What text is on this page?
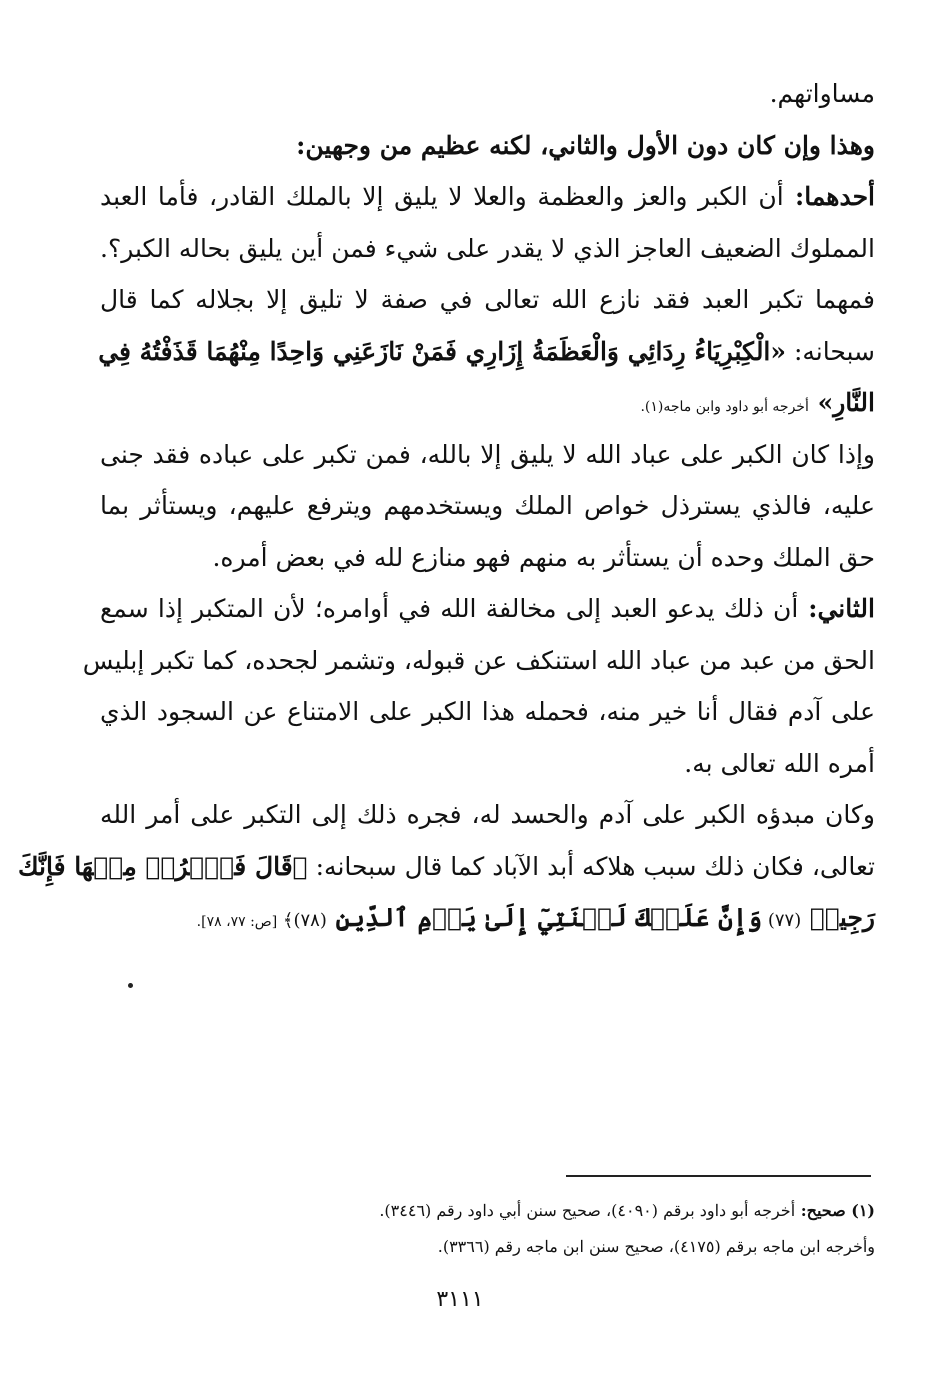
مساواتهم.
وهذا وإن كان دون الأول والثاني، لكنه عظيم من وجهين:
أحدهما: أن الكبر والعز والعظمة والعلا لا يليق إلا بالملك القادر، فأما العبد
المملوك الضعيف العاجز الذي لا يقدر على شيء فمن أين يليق بحاله الكبر؟.
فمهما تكبر العبد فقد نازع الله تعالى في صفة لا تليق إلا بجلاله كما قال
سبحانه: «الْكِبْرِيَاءُ رِدَائِي وَالْعَظَمَةُ إِزَارِي فَمَنْ نَازَعَنِي وَاحِدًا مِنْهُمَا قَذَفْتُهُ فِي
النَّارِ» أخرجه أبو داود وابن ماجه(١).
وإذا كان الكبر على عباد الله لا يليق إلا بالله، فمن تكبر على عباده فقد جنى
عليه، فالذي يسترذل خواص الملك ويستخدمهم ويترفع عليهم، ويستأثر بما
حق الملك وحده أن يستأثر به منهم فهو منازع لله في بعض أمره.
الثاني: أن ذلك يدعو العبد إلى مخالفة الله في أوامره؛ لأن المتكبر إذا سمع
الحق من عبد من عباد الله استنكف عن قبوله، وتشمر لجحده، كما تكبر إبليس
على آدم فقال أنا خير منه، فحمله هذا الكبر على الامتناع عن السجود الذي
أمره الله تعالى به.
وكان مبدؤه الكبر على آدم والحسد له، فجره ذلك إلى التكبر على أمر الله
تعالى، فكان ذلك سبب هلاكه أبد الآباد كما قال سبحانه: ﴿قَالَ فَٱخۡرُجۡ مِنۡهَا فَإِنَّكَ
رَجِيمٞ (٧٧) وَإِنَّ عَلَيۡكَ لَعۡنَتِيٓ إِلَىٰ يَوۡمِ ٱلدِّينِ (٧٨)﴾ [ص: ٧٧، ٧٨].
(١) صحيح: أخرجه أبو داود برقم (٤٠٩٠)، صحيح سنن أبي داود رقم (٣٤٤٦).
وأخرجه ابن ماجه برقم (٤١٧٥)، صحيح سنن ابن ماجه رقم (٣٣٦٦).
٣١١١
